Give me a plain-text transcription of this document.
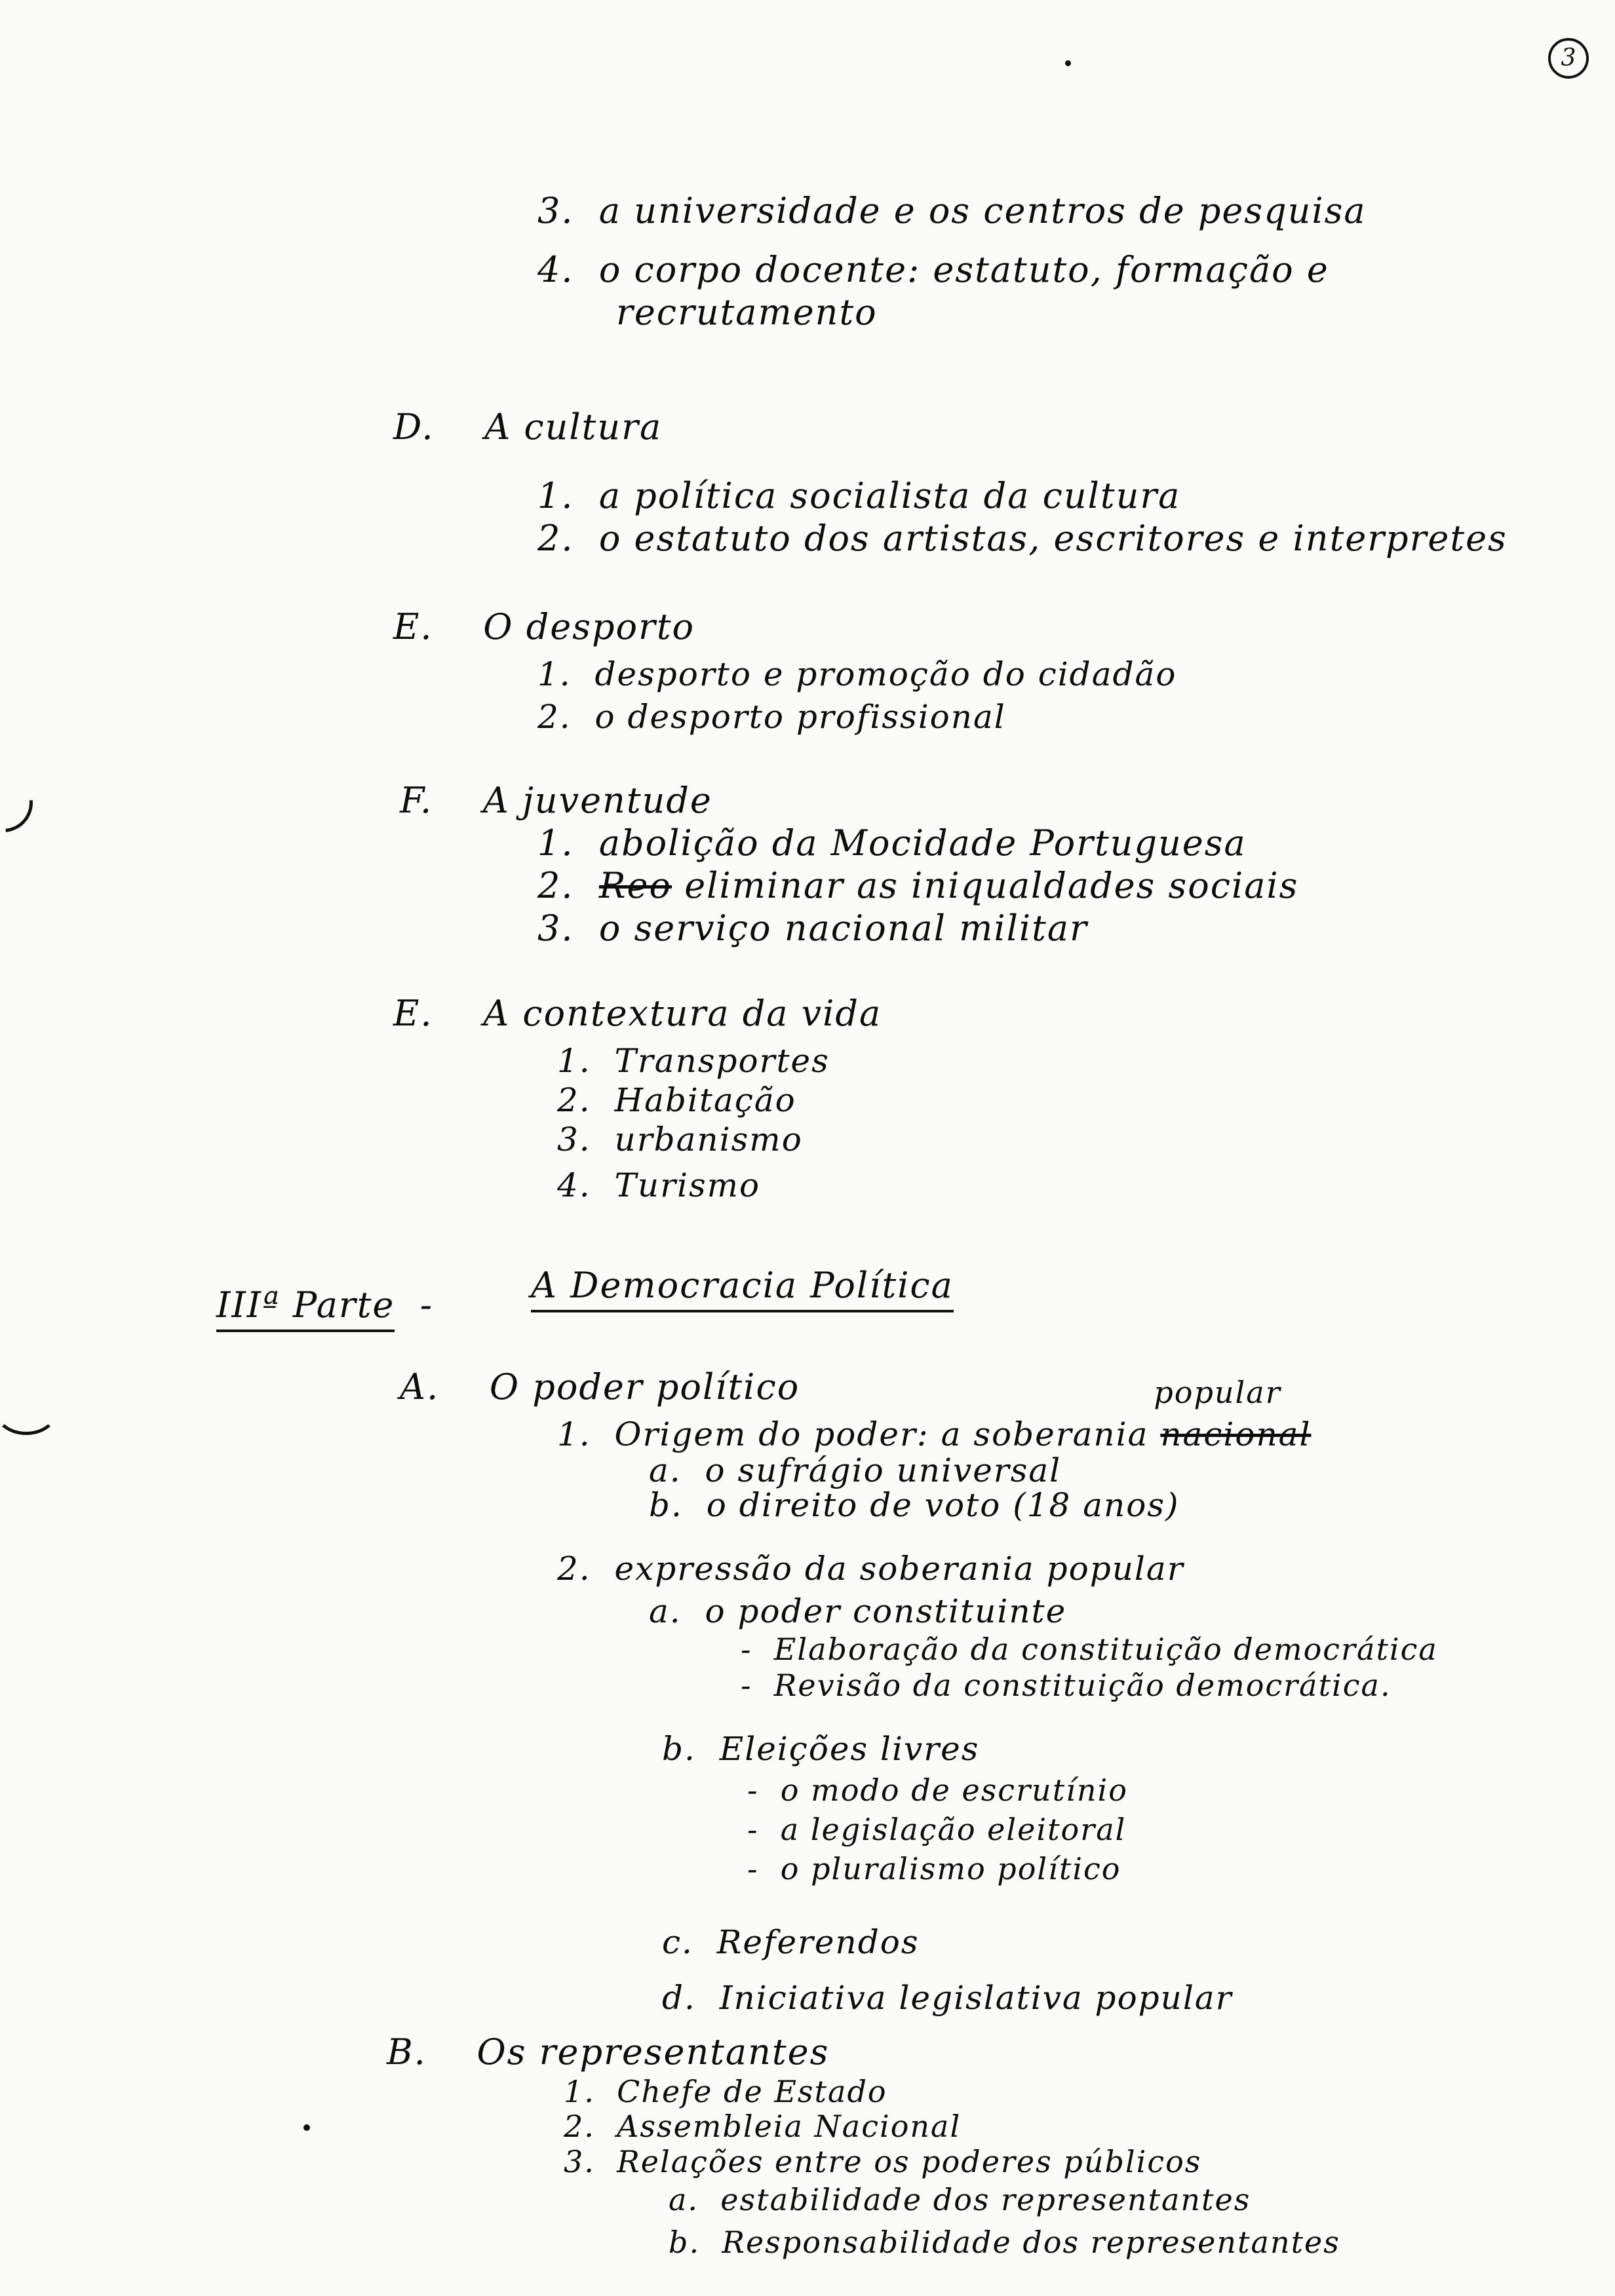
3
3. a universidade e os centros de pesquisa
4. o corpo docente: estatuto, formação e
recrutamento
D. A cultura
1. a política socialista da cultura
2. o estatuto dos artistas, escritores e interpretes
E. O desporto
1. desporto e promoção do cidadão
2. o desporto profissional
F. A juventude
1. abolição da Mocidade Portuguesa
2. Reo eliminar as iniqualdades sociais
3. o serviço nacional militar
E. A contextura da vida
1. Transportes
2. Habitação
3. urbanismo
4. Turismo
IIIª Parte  -	A Democracia Política
A. O poder político
1. Origem do poder: a soberania nacional
popular
a. o sufrágio universal
b. o direito de voto (18 anos)
2. expressão da soberania popular
a. o poder constituinte
- Elaboração da constituição democrática
- Revisão da constituição democrática.
b. Eleições livres
- o modo de escrutínio
- a legislação eleitoral
- o pluralismo político
c. Referendos
d. Iniciativa legislativa popular
B. Os representantes
1. Chefe de Estado
2. Assembleia Nacional
3. Relações entre os poderes públicos
a. estabilidade dos representantes
b. Responsabilidade dos representantes
